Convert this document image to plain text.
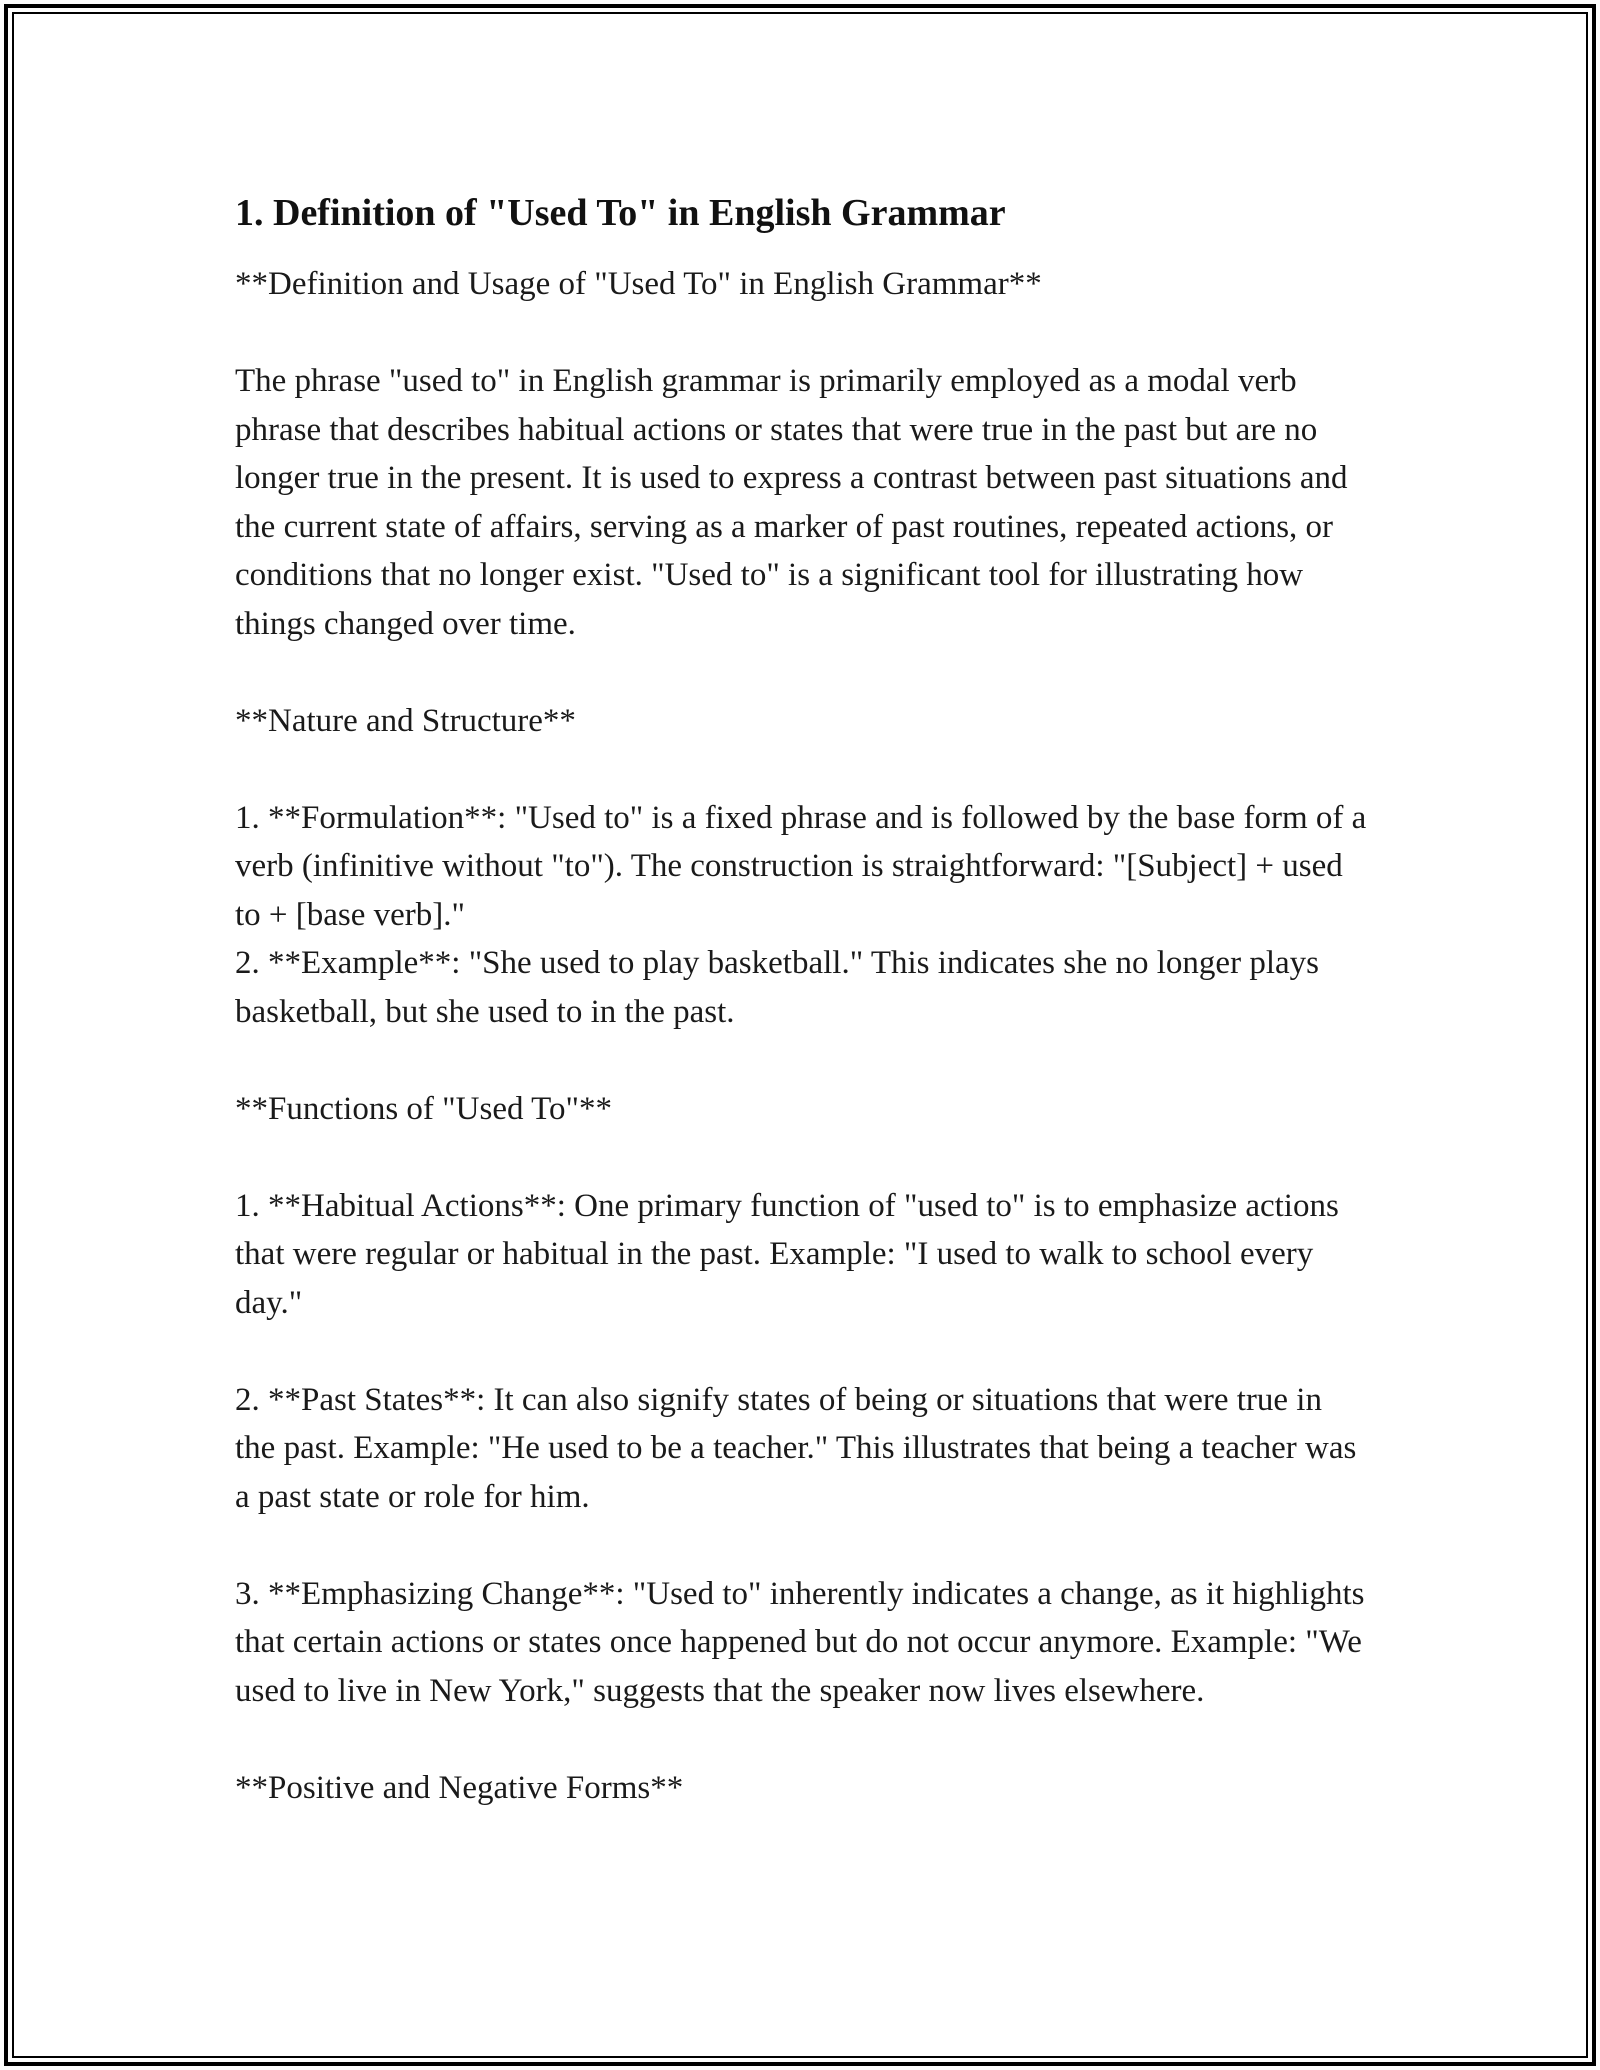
1. Definition of "Used To" in English Grammar

**Definition and Usage of "Used To" in English Grammar**

The phrase "used to" in English grammar is primarily employed as a modal verb phrase that describes habitual actions or states that were true in the past but are no longer true in the present. It is used to express a contrast between past situations and the current state of affairs, serving as a marker of past routines, repeated actions, or conditions that no longer exist. "Used to" is a significant tool for illustrating how things changed over time.

**Nature and Structure**

1. **Formulation**: "Used to" is a fixed phrase and is followed by the base form of a verb (infinitive without "to"). The construction is straightforward: "[Subject] + used to + [base verb]."
2. **Example**: "She used to play basketball." This indicates she no longer plays basketball, but she used to in the past.

**Functions of "Used To"**

1. **Habitual Actions**: One primary function of "used to" is to emphasize actions that were regular or habitual in the past. Example: "I used to walk to school every day."

2. **Past States**: It can also signify states of being or situations that were true in the past. Example: "He used to be a teacher." This illustrates that being a teacher was a past state or role for him.

3. **Emphasizing Change**: "Used to" inherently indicates a change, as it highlights that certain actions or states once happened but do not occur anymore. Example: "We used to live in New York," suggests that the speaker now lives elsewhere.

**Positive and Negative Forms**
